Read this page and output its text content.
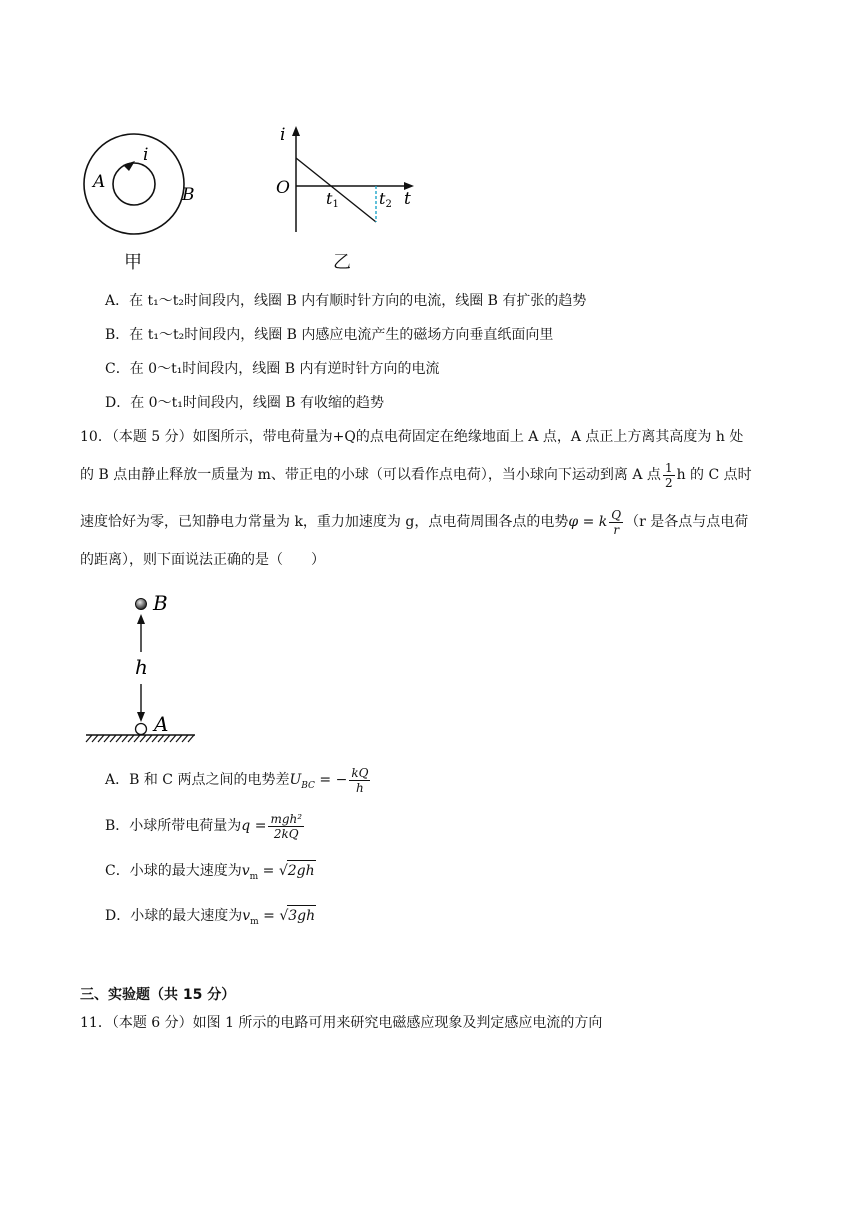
A
B
i
甲
i
O
t
t1	t2
乙
A．在 t₁～t₂时间段内，线圈 B 内有顺时针方向的电流，线圈 B 有扩张的趋势
B．在 t₁～t₂时间段内，线圈 B 内感应电流产生的磁场方向垂直纸面向里
C．在 0～t₁时间段内，线圈 B 内有逆时针方向的电流
D．在 0～t₁时间段内，线圈 B 有收缩的趋势
10．（本题 5 分）如图所示，带电荷量为+Q的点电荷固定在绝缘地面上 A 点，A 点正上方离其高度为 h 处
的 B 点由静止释放一质量为 m、带正电的小球（可以看作点电荷），当小球向下运动到离 A 点 $\frac{1}{2}$ h 的 C 点时
速度恰好为零，已知静电力常量为 k，重力加速度为 g，点电荷周围各点的电势φ = k $\frac{Q}{r} (r$ 是各点与点电荷
的距离），则下面说法正确的是（　　）
B
h
A
A．B 和 C 两点之间的电势差$U_{BC}$ = − $\frac{kQ}{h}$
B．小球所带电荷量为$q = \frac{\text{mgh²}}{2kQ}$
C．小球的最大速度为$v_m = √2gh$
D．小球的最大速度为$v_m = √3gh$
三、实验题（共 15 分）
11．（本题 6 分）如图 1 所示的电路可用来研究电磁感应现象及判定感应电流的方向
